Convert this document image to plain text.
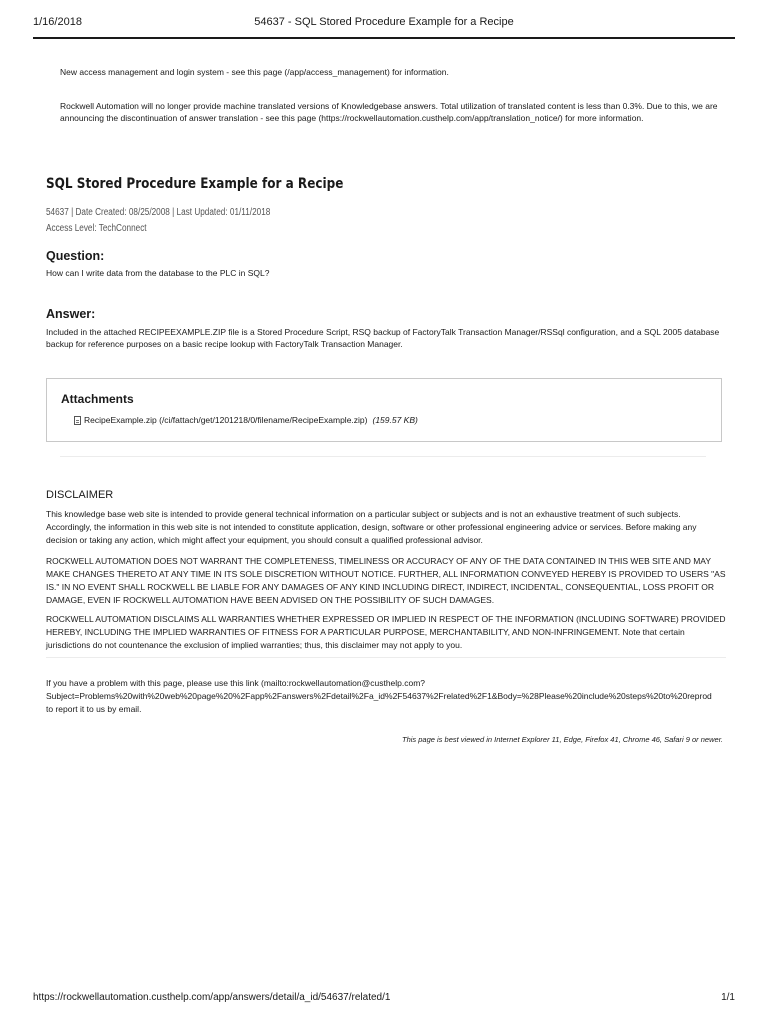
54637 - SQL Stored Procedure Example for a Recipe
1/16/2018
New access management and login system - see this page (/app/access_management) for information.
Rockwell Automation will no longer provide machine translated versions of Knowledgebase answers. Total utilization of translated content is less than 0.3%. Due to this, we are announcing the discontinuation of answer translation - see this page (https://rockwellautomation.custhelp.com/app/translation_notice/) for more information.
SQL Stored Procedure Example for a Recipe
54637 | Date Created: 08/25/2008 | Last Updated: 01/11/2018
Access Level: TechConnect
Question:
How can I write data from the database to the PLC in SQL?
Answer:
Included in the attached RECIPEEXAMPLE.ZIP file is a Stored Procedure Script, RSQ backup of FactoryTalk Transaction Manager/RSSql configuration, and a SQL 2005 database backup for reference purposes on a basic recipe lookup with FactoryTalk Transaction Manager.
Attachments
RecipeExample.zip (/ci/fattach/get/1201218/0/filename/RecipeExample.zip) (159.57 KB)
DISCLAIMER
This knowledge base web site is intended to provide general technical information on a particular subject or subjects and is not an exhaustive treatment of such subjects. Accordingly, the information in this web site is not intended to constitute application, design, software or other professional engineering advice or services. Before making any decision or taking any action, which might affect your equipment, you should consult a qualified professional advisor.
ROCKWELL AUTOMATION DOES NOT WARRANT THE COMPLETENESS, TIMELINESS OR ACCURACY OF ANY OF THE DATA CONTAINED IN THIS WEB SITE AND MAY MAKE CHANGES THERETO AT ANY TIME IN ITS SOLE DISCRETION WITHOUT NOTICE. FURTHER, ALL INFORMATION CONVEYED HEREBY IS PROVIDED TO USERS "AS IS." IN NO EVENT SHALL ROCKWELL BE LIABLE FOR ANY DAMAGES OF ANY KIND INCLUDING DIRECT, INDIRECT, INCIDENTAL, CONSEQUENTIAL, LOSS PROFIT OR DAMAGE, EVEN IF ROCKWELL AUTOMATION HAVE BEEN ADVISED ON THE POSSIBILITY OF SUCH DAMAGES.
ROCKWELL AUTOMATION DISCLAIMS ALL WARRANTIES WHETHER EXPRESSED OR IMPLIED IN RESPECT OF THE INFORMATION (INCLUDING SOFTWARE) PROVIDED HEREBY, INCLUDING THE IMPLIED WARRANTIES OF FITNESS FOR A PARTICULAR PURPOSE, MERCHANTABILITY, AND NON-INFRINGEMENT. Note that certain jurisdictions do not countenance the exclusion of implied warranties; thus, this disclaimer may not apply to you.
If you have a problem with this page, please use this link (mailto:rockwellautomation@custhelp.com?
Subject=Problems%20with%20web%20page%20%2Fapp%2Fanswers%2Fdetail%2Fa_id%2F54637%2Frelated%2F1&Body=%28Please%20include%20steps%20to%20reprod
to report it to us by email.
This page is best viewed in Internet Explorer 11, Edge, Firefox 41, Chrome 46, Safari 9 or newer.
https://rockwellautomation.custhelp.com/app/answers/detail/a_id/54637/related/1	1/1
